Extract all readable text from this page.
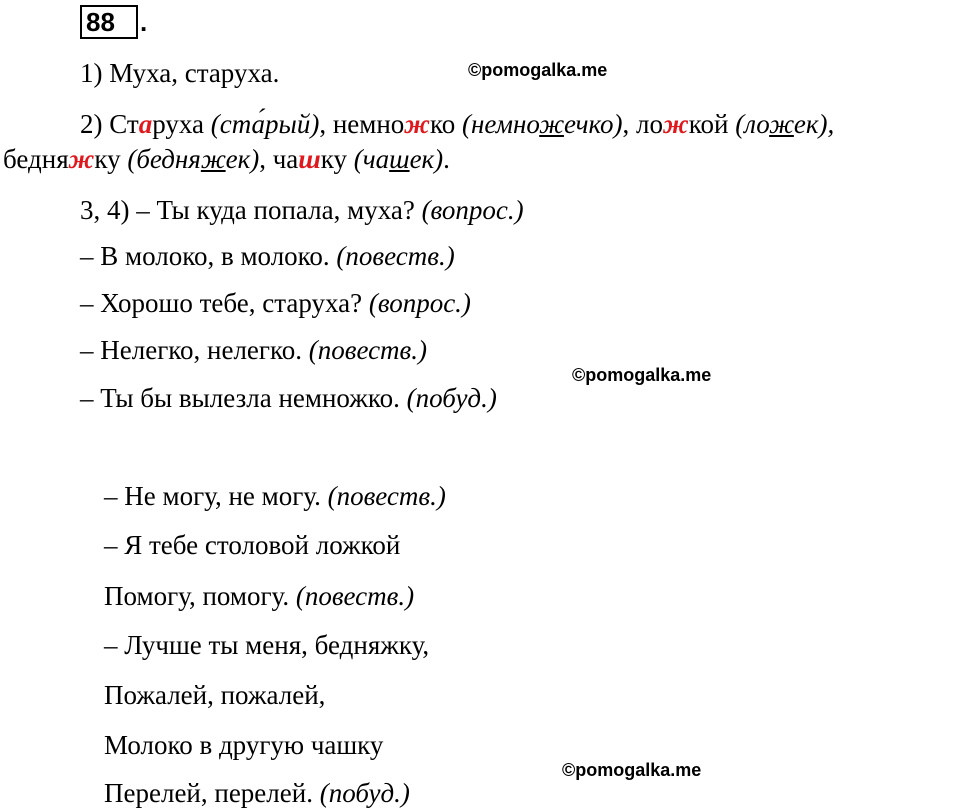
88 .
©pomogalka.me
©pomogalka.me
©pomogalka.me
1) Муха, старуха.
2) Старуха (ста́рый), немножко (немножечко), ложкой (ложек),
бедняжку (бедняжек), чашку (чашек).
3, 4) – Ты куда попала, муха? (вопрос.)
– В молоко, в молоко. (повеств.)
– Хорошо тебе, старуха? (вопрос.)
– Нелегко, нелегко. (повеств.)
– Ты бы вылезла немножко. (побуд.)
– Не могу, не могу. (повеств.)
– Я тебе столовой ложкой
Помогу, помогу. (повеств.)
– Лучше ты меня, бедняжку,
Пожалей, пожалей,
Молоко в другую чашку
Перелей, перелей. (побуд.)
